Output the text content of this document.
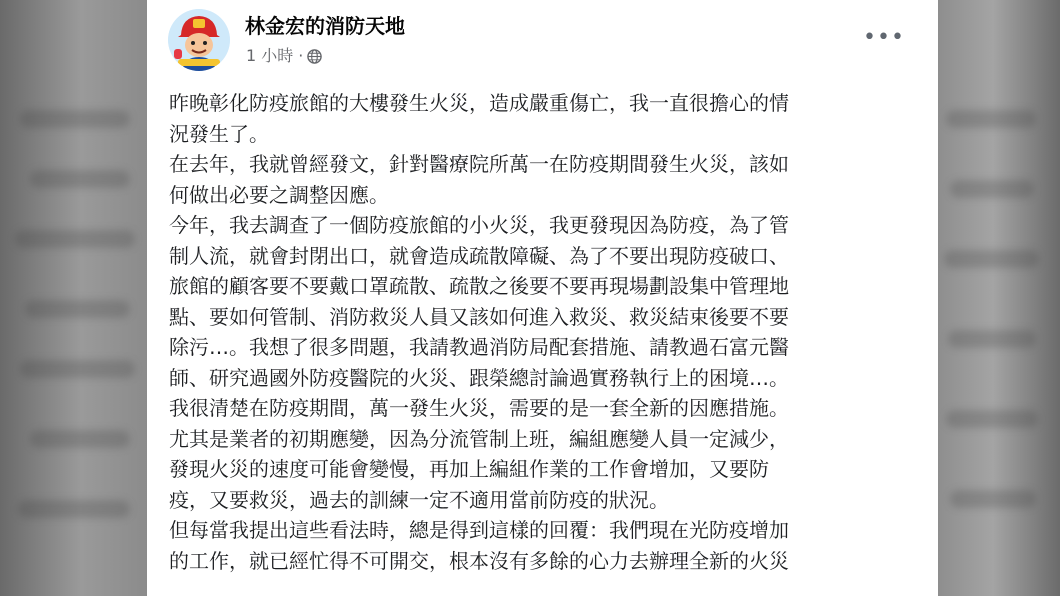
林金宏的消防天地
1 小時 ·
•••
昨晚彰化防疫旅館的大樓發生火災，造成嚴重傷亡，我一直很擔心的情
況發生了。
在去年，我就曾經發文，針對醫療院所萬一在防疫期間發生火災，該如
何做出必要之調整因應。
今年，我去調查了一個防疫旅館的小火災，我更發現因為防疫，為了管
制人流，就會封閉出口，就會造成疏散障礙、為了不要出現防疫破口、
旅館的顧客要不要戴口罩疏散、疏散之後要不要再現場劃設集中管理地
點、要如何管制、消防救災人員又該如何進入救災、救災結束後要不要
除污…。我想了很多問題，我請教過消防局配套措施、請教過石富元醫
師、研究過國外防疫醫院的火災、跟榮總討論過實務執行上的困境…。
我很清楚在防疫期間，萬一發生火災，需要的是一套全新的因應措施。
尤其是業者的初期應變，因為分流管制上班，編組應變人員一定減少，
發現火災的速度可能會變慢，再加上編組作業的工作會增加，又要防
疫，又要救災，過去的訓練一定不適用當前防疫的狀況。
但每當我提出這些看法時，總是得到這樣的回覆：我們現在光防疫增加
的工作，就已經忙得不可開交，根本沒有多餘的心力去辦理全新的火災
